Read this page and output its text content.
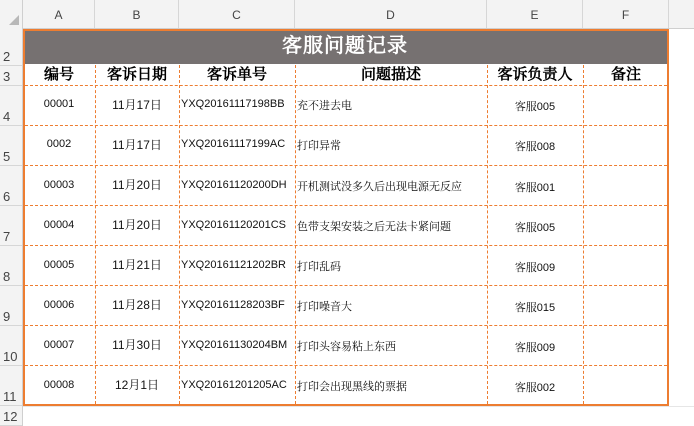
A	B	C	D	E	F
2
3
4
5
6
7
8
9
10
11
12
客服问题记录
编号	客诉日期	客诉单号	问题描述	客诉负责人	备注
00001	11月17日	YXQ20161117198BB 充不进去电	客服005
0002	11月17日	YXQ20161117199AC 打印异常	客服008
00003	11月20日	YXQ20161120200DH 开机测试没多久后出现电源无反应	客服001
00004	11月20日	YXQ20161120201CS 色带支架安装之后无法卡紧问题	客服005
00005	11月21日	YXQ20161121202BR 打印乱码	客服009
00006	11月28日	YXQ20161128203BF 打印噪音大	客服015
00007	11月30日	YXQ20161130204BM 打印头容易粘上东西	客服009
00008	12月1日	YXQ20161201205AC 打印会出现黑线的票据	客服002
